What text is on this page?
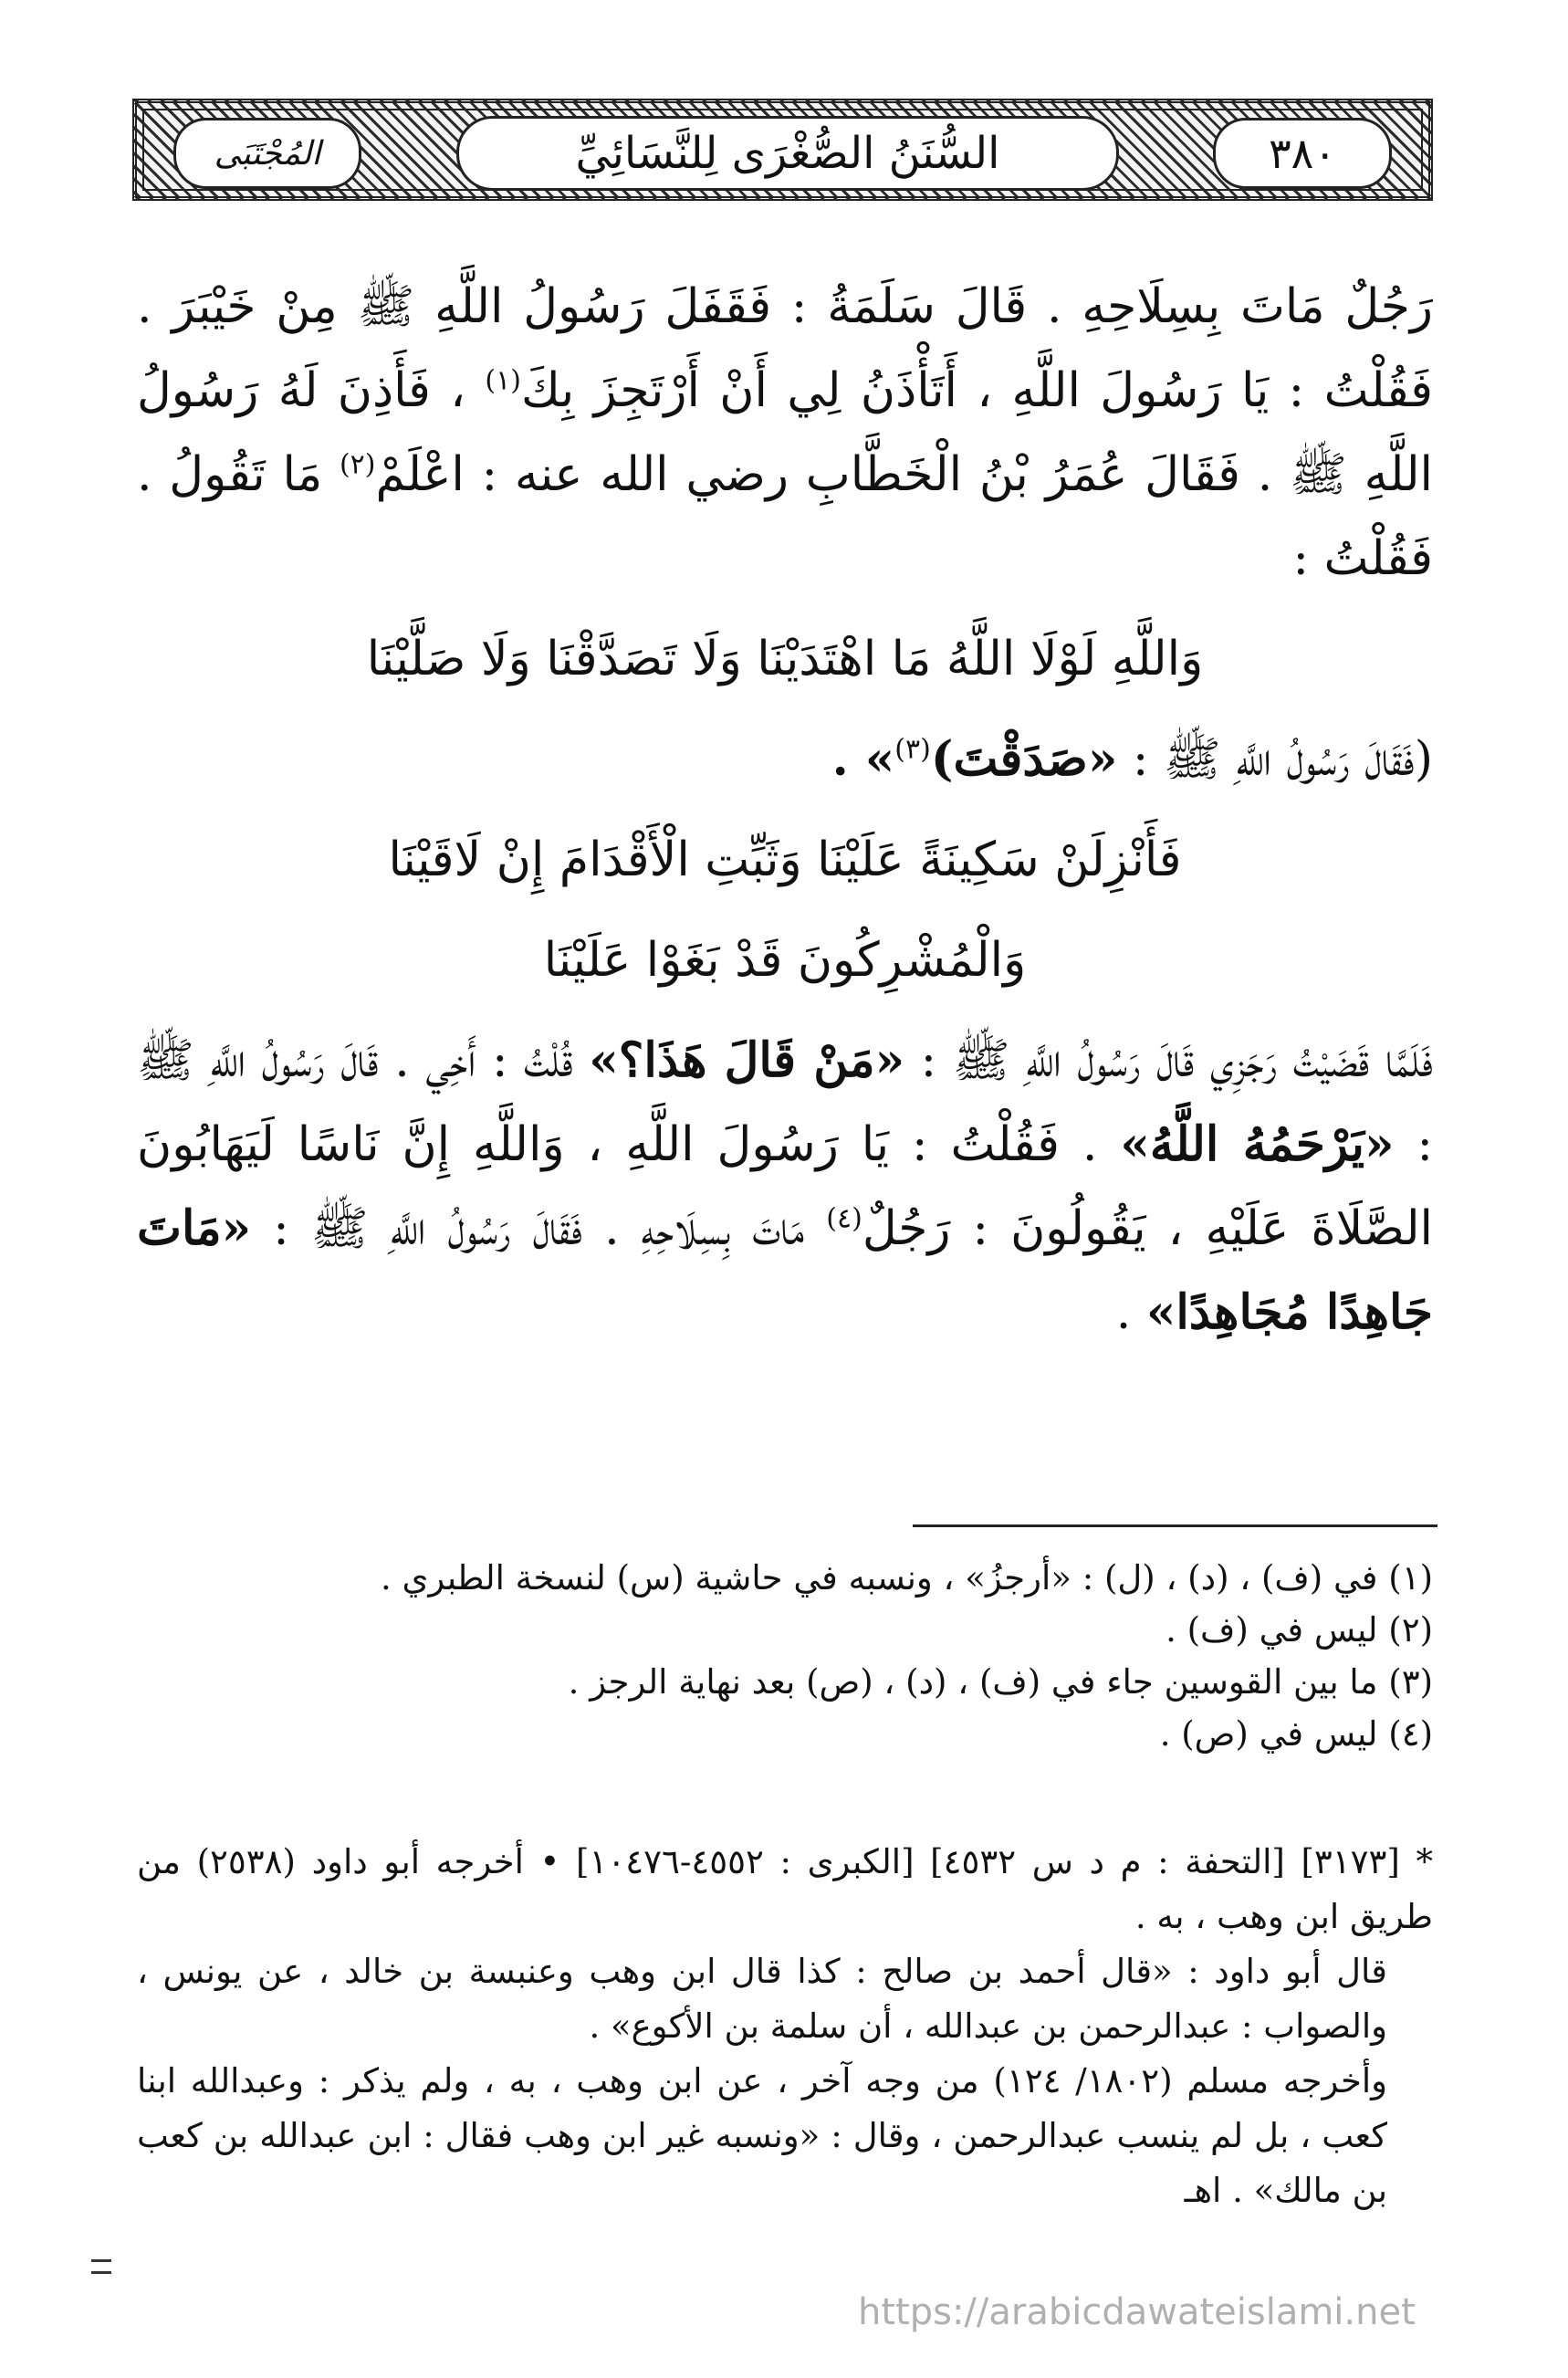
المُجْتَبَى	السُّنَنُ الصُّغْرَى لِلنَّسَائِيِّ	٣٨٠

رَجُلٌ مَاتَ بِسِلَاحِهِ . قَالَ سَلَمَةُ : فَقَفَلَ رَسُولُ اللَّهِ ﷺ مِنْ خَيْبَرَ . فَقُلْتُ : يَا رَسُولَ اللَّهِ ، أَتَأْذَنُ لِي أَنْ أَرْتَجِزَ بِكَ$^{(١)}$ ، فَأَذِنَ لَهُ رَسُولُ اللَّهِ ﷺ . فَقَالَ عُمَرُ بْنُ الْخَطَّابِ رضي الله عنه : اعْلَمْ$^{(٢)}$ مَا تَقُولُ . فَقُلْتُ :

وَاللَّهِ لَوْلَا اللَّهُ مَا اهْتَدَيْنَا وَلَا تَصَدَّقْنَا وَلَا صَلَّيْنَا

(فَقَالَ رَسُولُ اللَّهِ ﷺ : «صَدَقْتَ)$^{(٣)}$» .

فَأَنْزِلَنْ سَكِينَةً عَلَيْنَا وَثَبِّتِ الْأَقْدَامَ إِنْ لَاقَيْنَا

وَالْمُشْرِكُونَ قَدْ بَغَوْا عَلَيْنَا

فَلَمَّا قَضَيْتُ رَجَزِي قَالَ رَسُولُ اللَّهِ ﷺ : «مَنْ قَالَ هَذَا؟» قُلْتُ : أَخِي . قَالَ رَسُولُ اللَّهِ ﷺ : «يَرْحَمُهُ اللَّهُ» . فَقُلْتُ : يَا رَسُولَ اللَّهِ ، وَاللَّهِ إِنَّ نَاسًا لَيَهَابُونَ الصَّلَاةَ عَلَيْهِ ، يَقُولُونَ : رَجُلٌ$^{(٤)}$ مَاتَ بِسِلَاحِهِ . فَقَالَ رَسُولُ اللَّهِ ﷺ : «مَاتَ جَاهِدًا مُجَاهِدًا» .

(١) في (ف) ، (د) ، (ل) : «أرجزُ» ، ونسبه في حاشية (س) لنسخة الطبري .

(٢) ليس في (ف) .

(٣) ما بين القوسين جاء في (ف) ، (د) ، (ص) بعد نهاية الرجز .

(٤) ليس في (ص) .

* [٣١٧٣] [التحفة : م د س ٤٥٣٢] [الكبرى : ٤٥٥٢-١٠٤٧٦] • أخرجه أبو داود (٢٥٣٨) من طريق ابن وهب ، به .

قال أبو داود : «قال أحمد بن صالح : كذا قال ابن وهب وعنبسة بن خالد ، عن يونس ، والصواب : عبدالرحمن بن عبدالله ، أن سلمة بن الأكوع» .

وأخرجه مسلم (١٨٠٢/ ١٢٤) من وجه آخر ، عن ابن وهب ، به ، ولم يذكر : وعبدالله ابنا كعب ، بل لم ينسب عبدالرحمن ، وقال : «ونسبه غير ابن وهب فقال : ابن عبدالله بن كعب بن مالك» . اهـ

https://arabicdawateislami.net
